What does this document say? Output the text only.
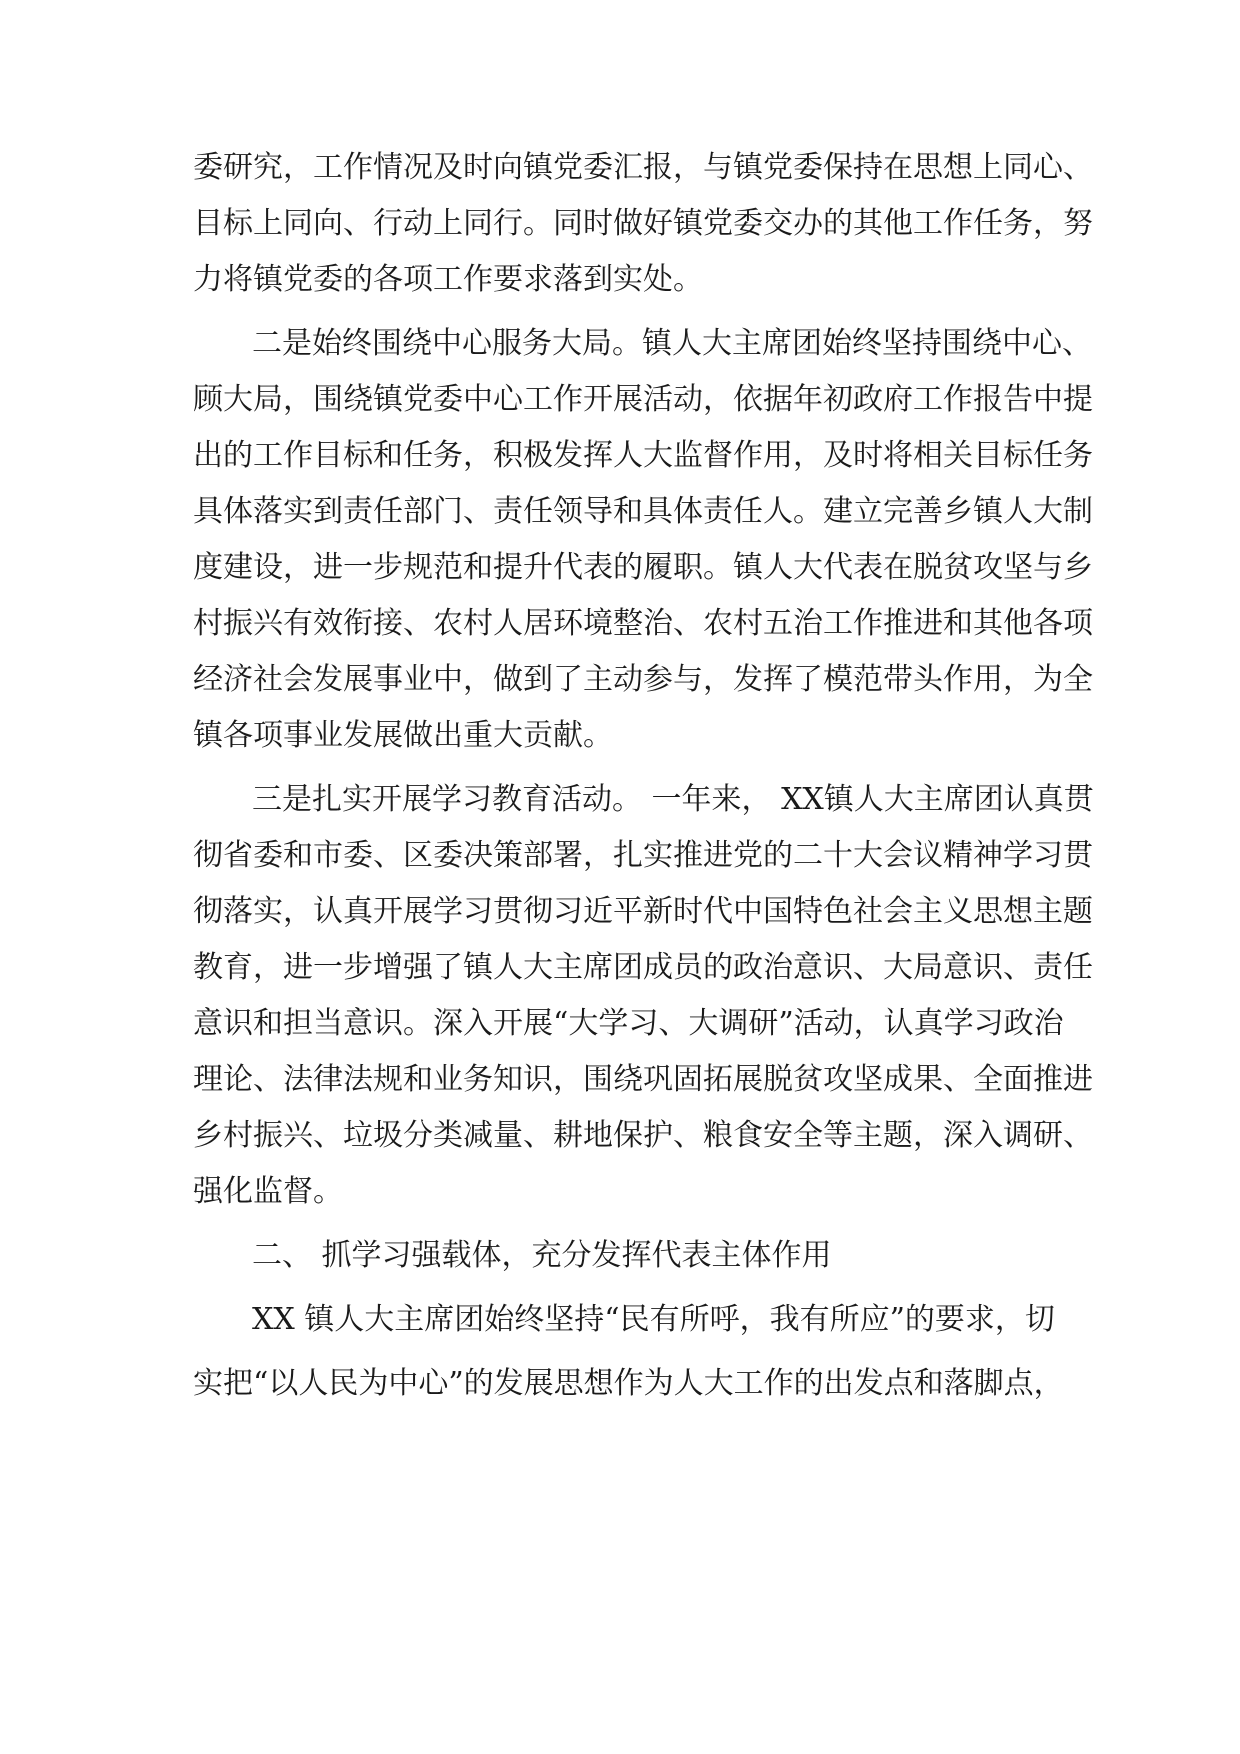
委研究，工作情况及时向镇党委汇报，与镇党委保持在思想上同心、
目标上同向、行动上同行。同时做好镇党委交办的其他工作任务，努
力将镇党委的各项工作要求落到实处。
二是始终围绕中心服务大局。镇人大主席团始终坚持围绕中心、
顾大局，围绕镇党委中心工作开展活动，依据年初政府工作报告中提
出的工作目标和任务，积极发挥人大监督作用，及时将相关目标任务
具体落实到责任部门、责任领导和具体责任人。建立完善乡镇人大制
度建设，进一步规范和提升代表的履职。镇人大代表在脱贫攻坚与乡
村振兴有效衔接、农村人居环境整治、农村五治工作推进和其他各项
经济社会发展事业中，做到了主动参与，发挥了模范带头作用，为全
镇各项事业发展做出重大贡献。
三是扎实开展学习教育活动。 一年来， XX镇人大主席团认真贯
彻省委和市委、区委决策部署，扎实推进党的二十大会议精神学习贯
彻落实，认真开展学习贯彻习近平新时代中国特色社会主义思想主题
教育，进一步增强了镇人大主席团成员的政治意识、大局意识、责任
意识和担当意识。深入开展“大学习、大调研”活动，认真学习政治
理论、法律法规和业务知识，围绕巩固拓展脱贫攻坚成果、全面推进
乡村振兴、垃圾分类减量、耕地保护、粮食安全等主题，深入调研、
强化监督。
二、 抓学习强载体，充分发挥代表主体作用
XX 镇人大主席团始终坚持“民有所呼，我有所应”的要求，切
实把“以人民为中心”的发展思想作为人大工作的出发点和落脚点，
